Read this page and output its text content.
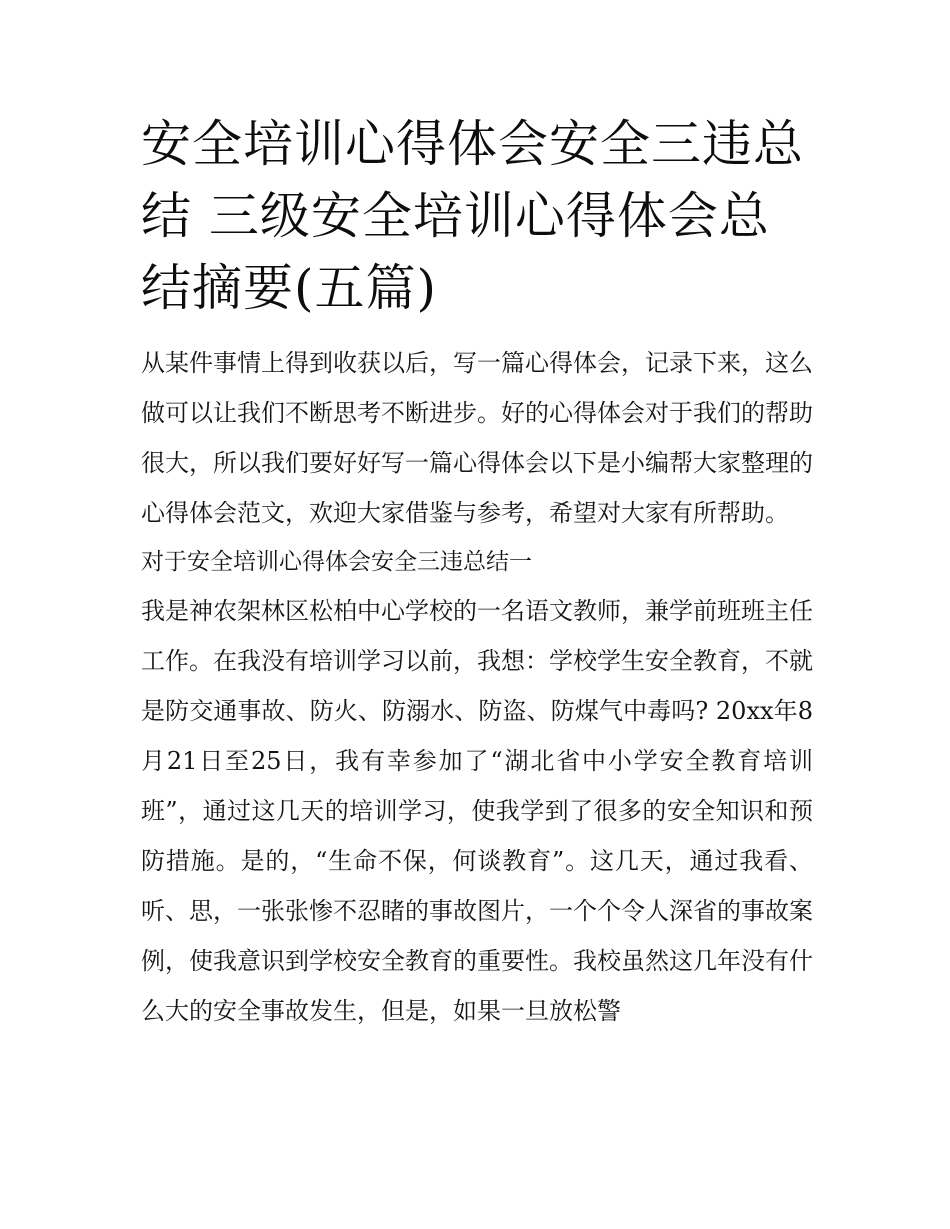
安全培训心得体会安全三违总结 三级安全培训心得体会总结摘要(五篇)

从某件事情上得到收获以后，写一篇心得体会，记录下来，这么做可以让我们不断思考不断进步。好的心得体会对于我们的帮助很大，所以我们要好好写一篇心得体会以下是小编帮大家整理的心得体会范文，欢迎大家借鉴与参考，希望对大家有所帮助。

对于安全培训心得体会安全三违总结一

我是神农架林区松柏中心学校的一名语文教师，兼学前班班主任工作。在我没有培训学习以前，我想：学校学生安全教育，不就是防交通事故、防火、防溺水、防盗、防煤气中毒吗? 20xx年8月21日至25日，我有幸参加了“湖北省中小学安全教育培训班”，通过这几天的培训学习，使我学到了很多的安全知识和预防措施。是的，“生命不保，何谈教育”。这几天，通过我看、听、思，一张张惨不忍睹的事故图片，一个个令人深省的事故案例，使我意识到学校安全教育的重要性。我校虽然这几年没有什么大的安全事故发生，但是，如果一旦放松警
